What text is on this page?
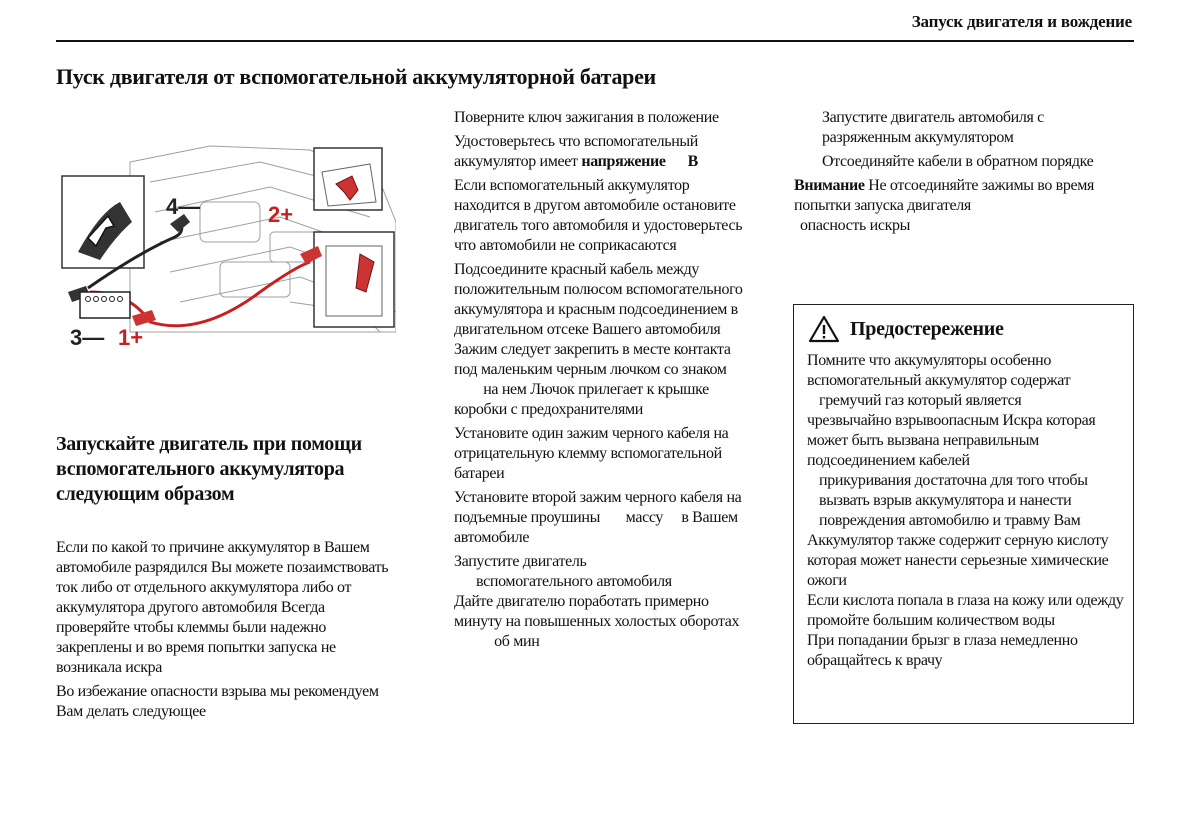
Запуск двигателя и вождение
Пуск двигателя от вспомогательной аккумуляторной батареи
4—	2+
3— 1+
Запускайте двигатель при помощи вспомогательного аккумулятора следующим образом

Если по какой то причине аккумулятор в Вашем автомобиле разрядился Вы можете позаимствовать ток либо от отдельного аккумулятора либо от аккумулятора другого автомобиля Всегда проверяйте чтобы клеммы были надежно закреплены и во время попытки запуска не возникала искра

Во избежание опасности взрыва мы рекомендуем Вам делать следующее

Поверните ключ зажигания в положение

Удостоверьтесь что вспомогательный аккумулятор имеет напряжение В

Если вспомогательный аккумулятор находится в другом автомобиле остановите двигатель того автомобиля и удостоверьтесь что автомобили не соприкасаются

Подсоедините красный кабель между положительным полюсом вспомогательного аккумулятора и красным подсоединением в двигательном отсеке Вашего автомобиля

Зажим следует закрепить в месте контакта под маленьким черным лючком со знаком         на нем Лючок прилегает к крышке коробки с предохранителями

Установите один зажим черного кабеля на отрицательную клемму вспомогательной батареи

Установите второй зажим черного кабеля на подъемные проушины массу в Вашем автомобиле

Запустите двигатель

вспомогательного автомобиля

Дайте двигателю поработать примерно минуту на повышенных холостых оборотах            об мин

Запустите двигатель автомобиля с разряженным аккумулятором

Отсоединяйте кабели в обратном порядке

Внимание Не отсоединяйте зажимы во время попытки запуска двигателя
опасность искры

Предостережение

Помните что аккумуляторы особенно

вспомогательный аккумулятор содержат

гремучий газ который является

чрезвычайно взрывоопасным Искра которая может быть вызвана неправильным подсоединением кабелей

прикуривания достаточна для того чтобы вызвать взрыв аккумулятора и нанести повреждения автомобилю и травму Вам

Аккумулятор также содержит серную кислоту которая может нанести серьезные химические ожоги

Если кислота попала в глаза на кожу или одежду промойте большим количеством воды

При попадании брызг в глаза немедленно обращайтесь к врачу
